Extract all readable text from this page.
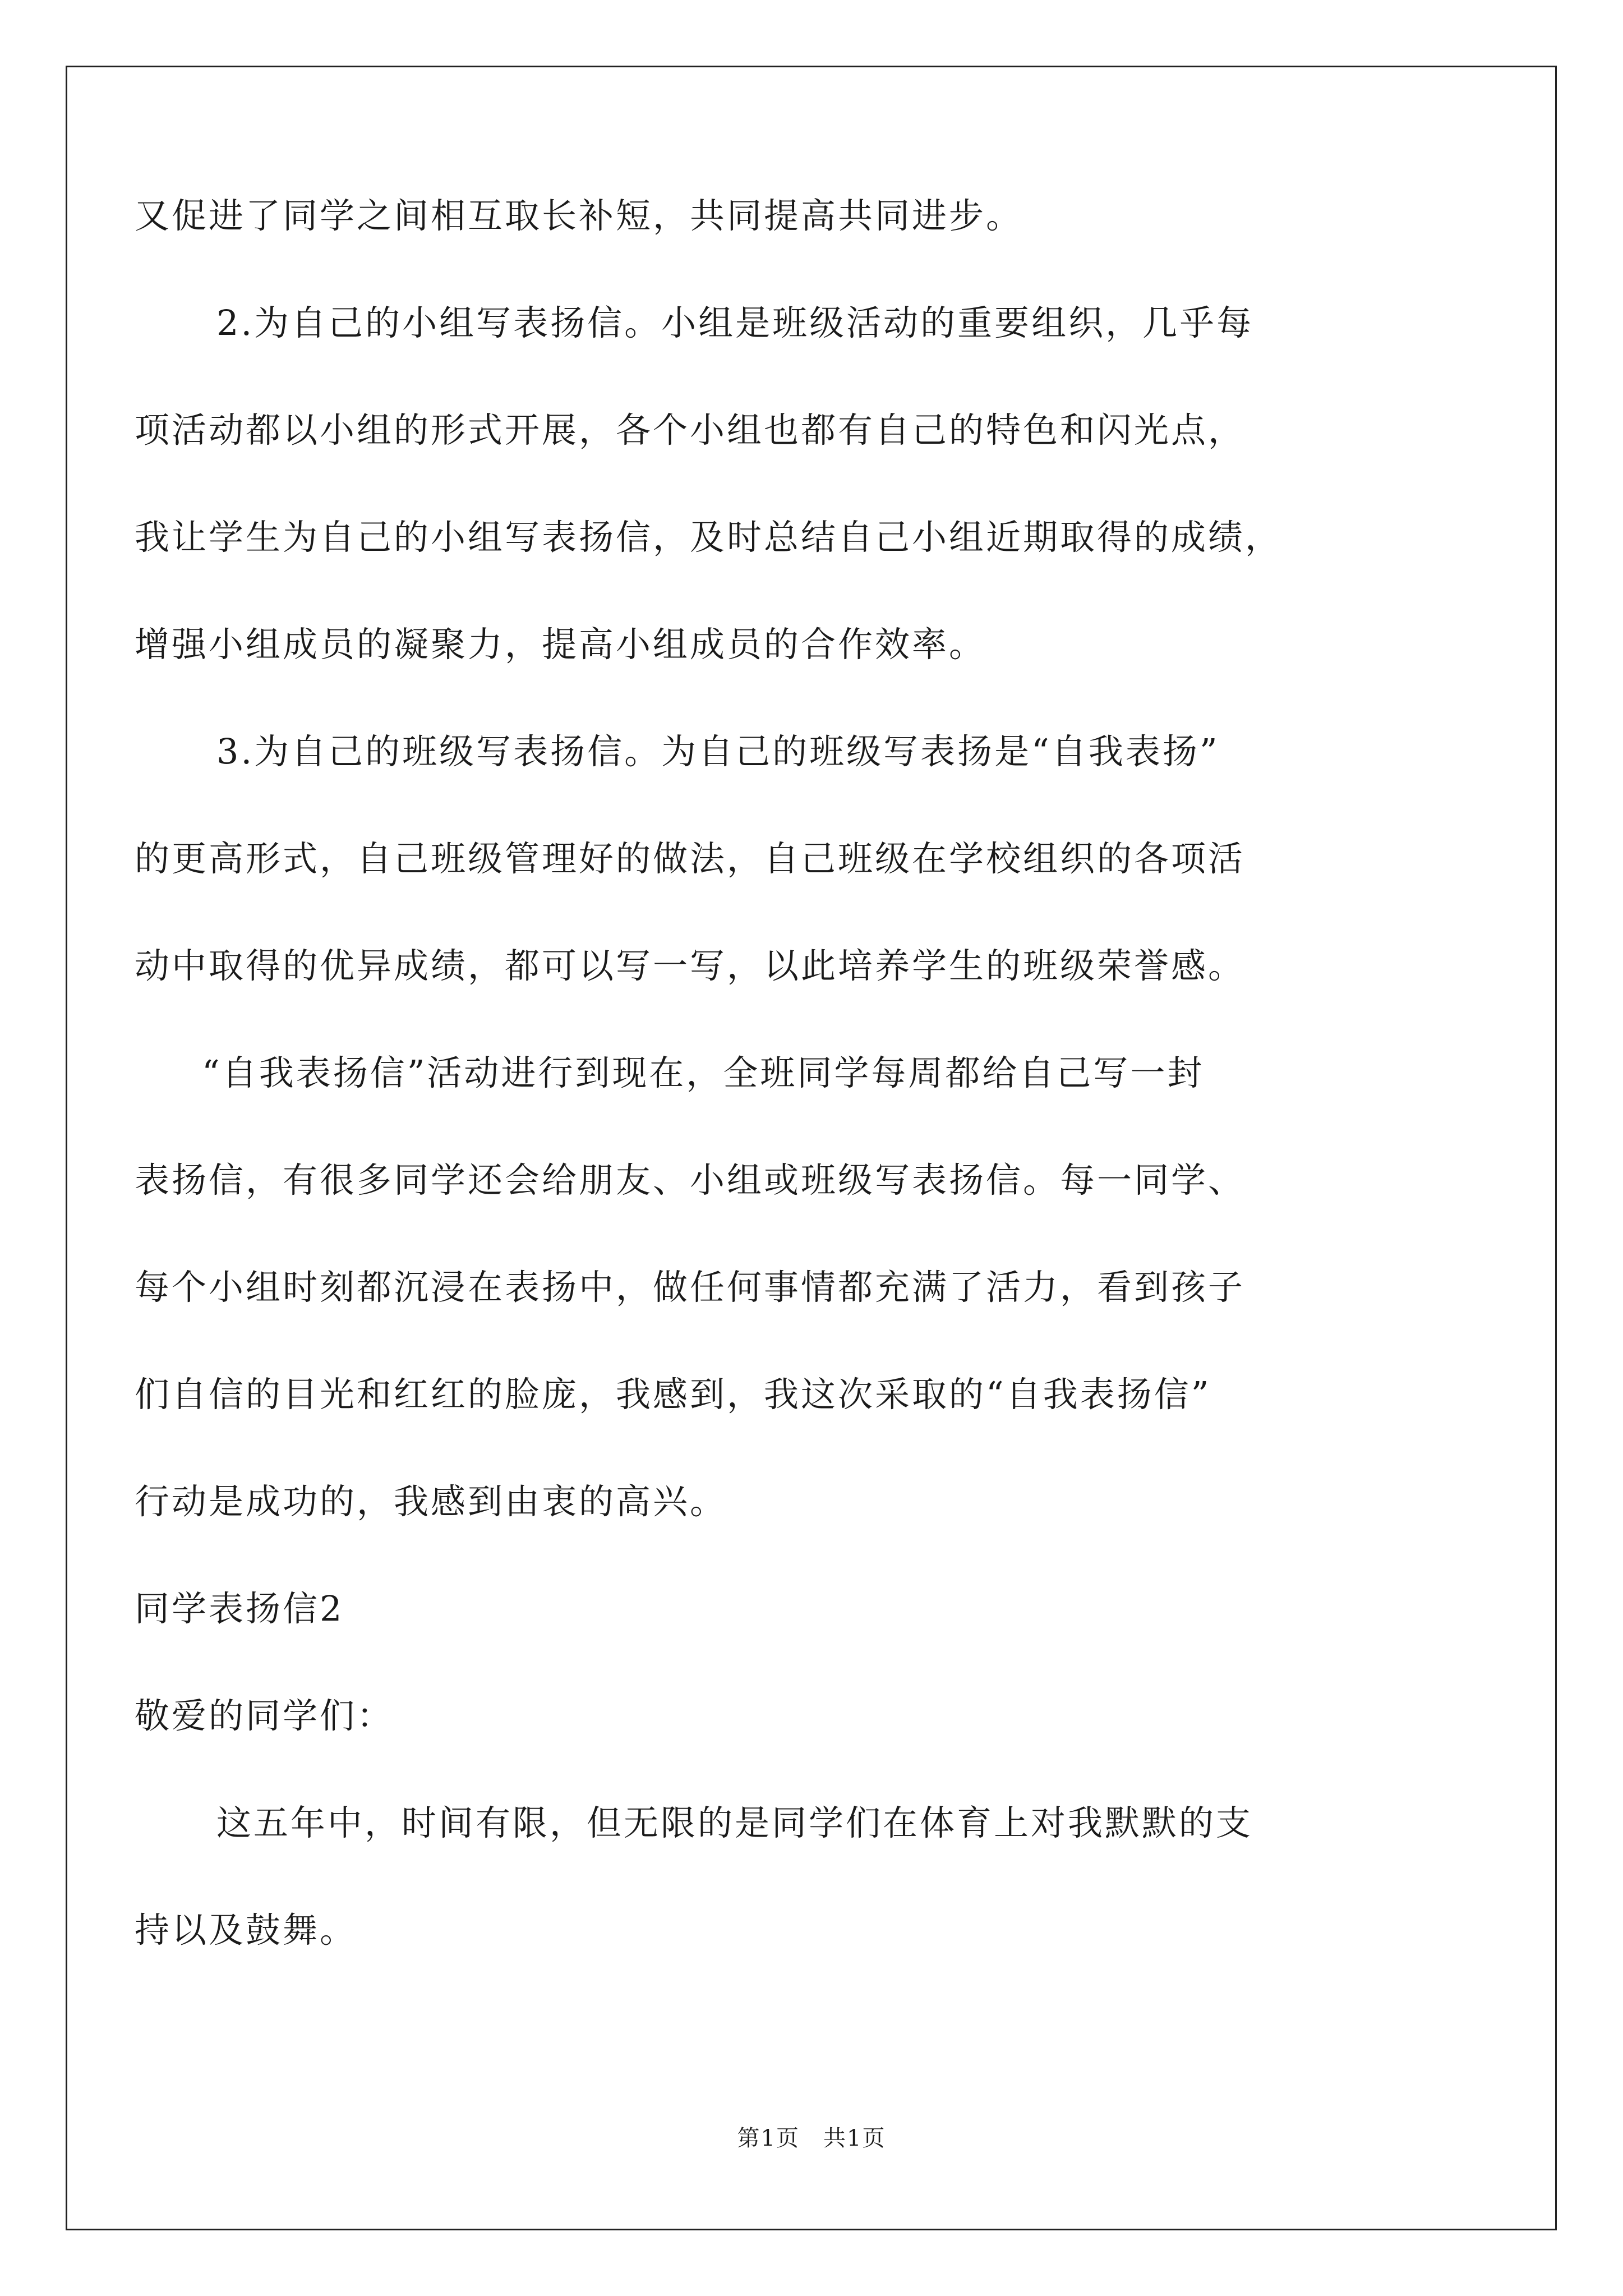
又促进了同学之间相互取长补短，共同提高共同进步。
2.为自己的小组写表扬信。小组是班级活动的重要组织，几乎每
项活动都以小组的形式开展，各个小组也都有自己的特色和闪光点，
我让学生为自己的小组写表扬信，及时总结自己小组近期取得的成绩，
增强小组成员的凝聚力，提高小组成员的合作效率。
3.为自己的班级写表扬信。为自己的班级写表扬是“自我表扬”
的更高形式，自己班级管理好的做法，自己班级在学校组织的各项活
动中取得的优异成绩，都可以写一写，以此培养学生的班级荣誉感。
“自我表扬信”活动进行到现在，全班同学每周都给自己写一封
表扬信，有很多同学还会给朋友、小组或班级写表扬信。每一同学、
每个小组时刻都沉浸在表扬中，做任何事情都充满了活力，看到孩子
们自信的目光和红红的脸庞，我感到，我这次采取的“自我表扬信”
行动是成功的，我感到由衷的高兴。
同学表扬信2
敬爱的同学们：
这五年中，时间有限，但无限的是同学们在体育上对我默默的支
持以及鼓舞。
第1页　共1页
